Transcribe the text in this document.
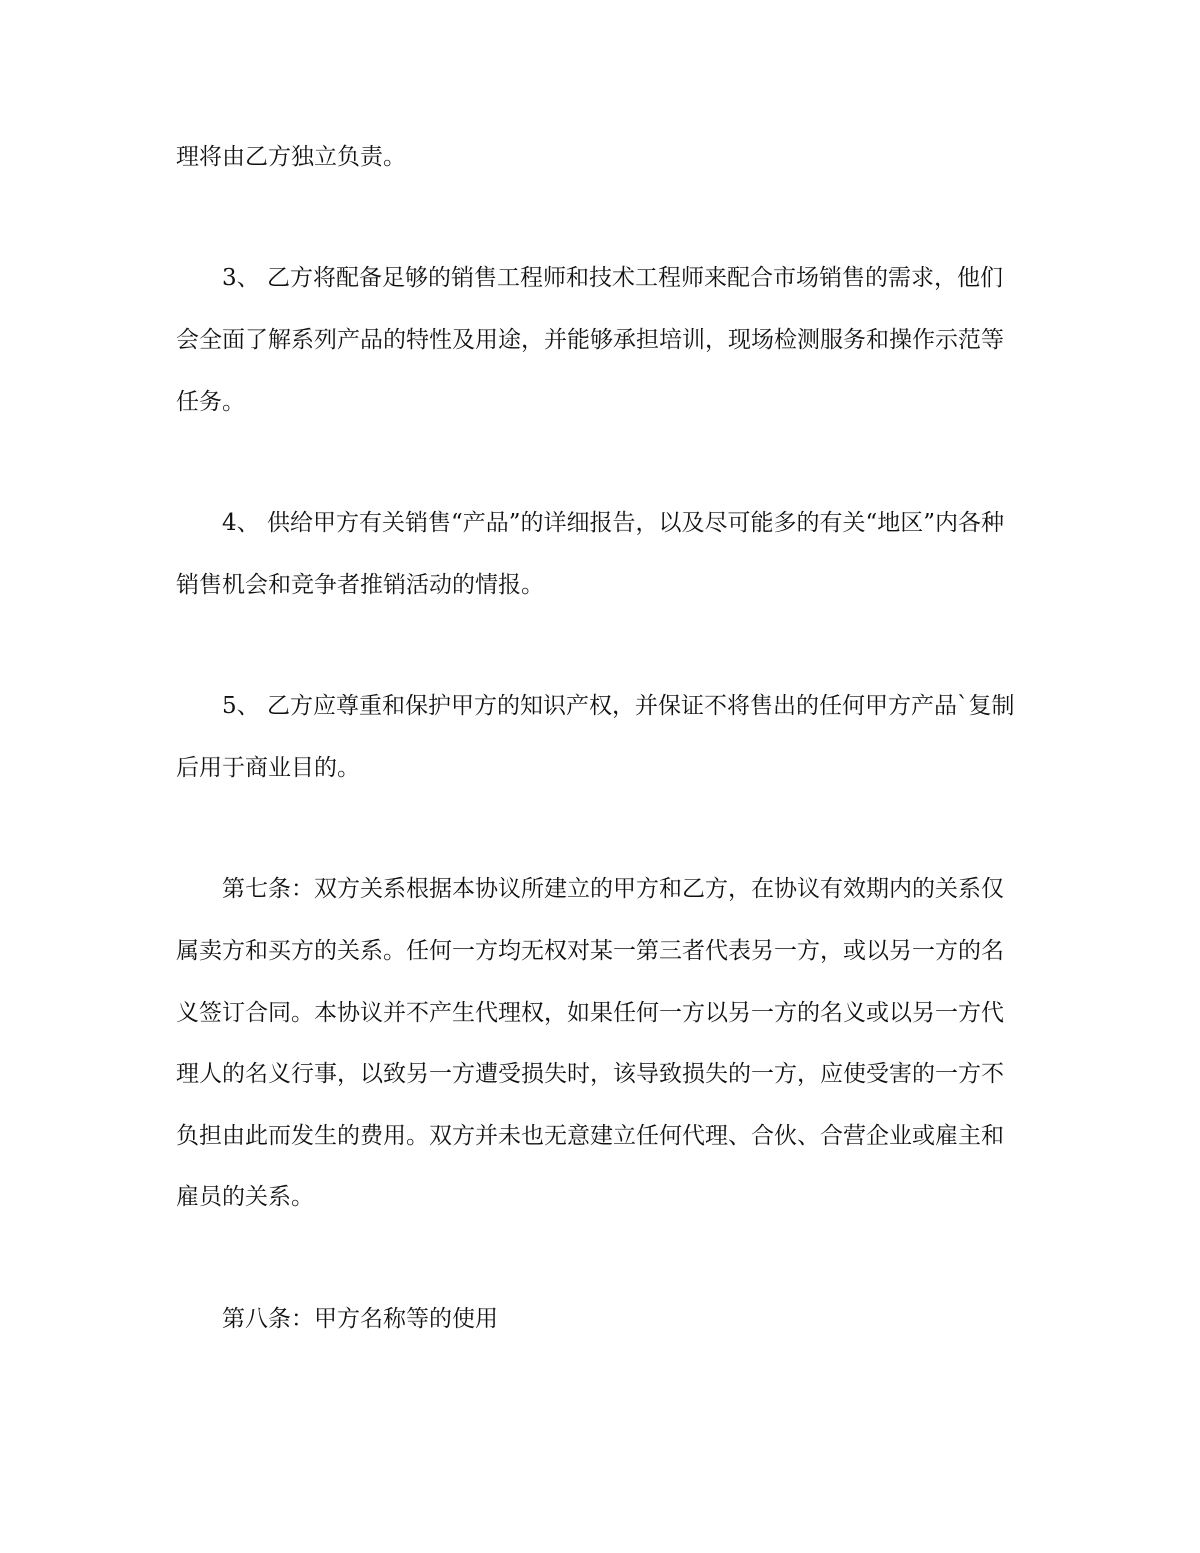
理将由乙方独立负责。
3、 乙方将配备足够的销售工程师和技术工程师来配合市场销售的需求，他们
会全面了解系列产品的特性及用途，并能够承担培训，现场检测服务和操作示范等
任务。
4、 供给甲方有关销售“产品”的详细报告，以及尽可能多的有关“地区”内各种
销售机会和竞争者推销活动的情报。
5、 乙方应尊重和保护甲方的知识产权，并保证不将售出的任何甲方产品`复制
后用于商业目的。
第七条：双方关系根据本协议所建立的甲方和乙方，在协议有效期内的关系仅
属卖方和买方的关系。任何一方均无权对某一第三者代表另一方，或以另一方的名
义签订合同。本协议并不产生代理权，如果任何一方以另一方的名义或以另一方代
理人的名义行事，以致另一方遭受损失时，该导致损失的一方，应使受害的一方不
负担由此而发生的费用。双方并未也无意建立任何代理、合伙、合营企业或雇主和
雇员的关系。
第八条：甲方名称等的使用
